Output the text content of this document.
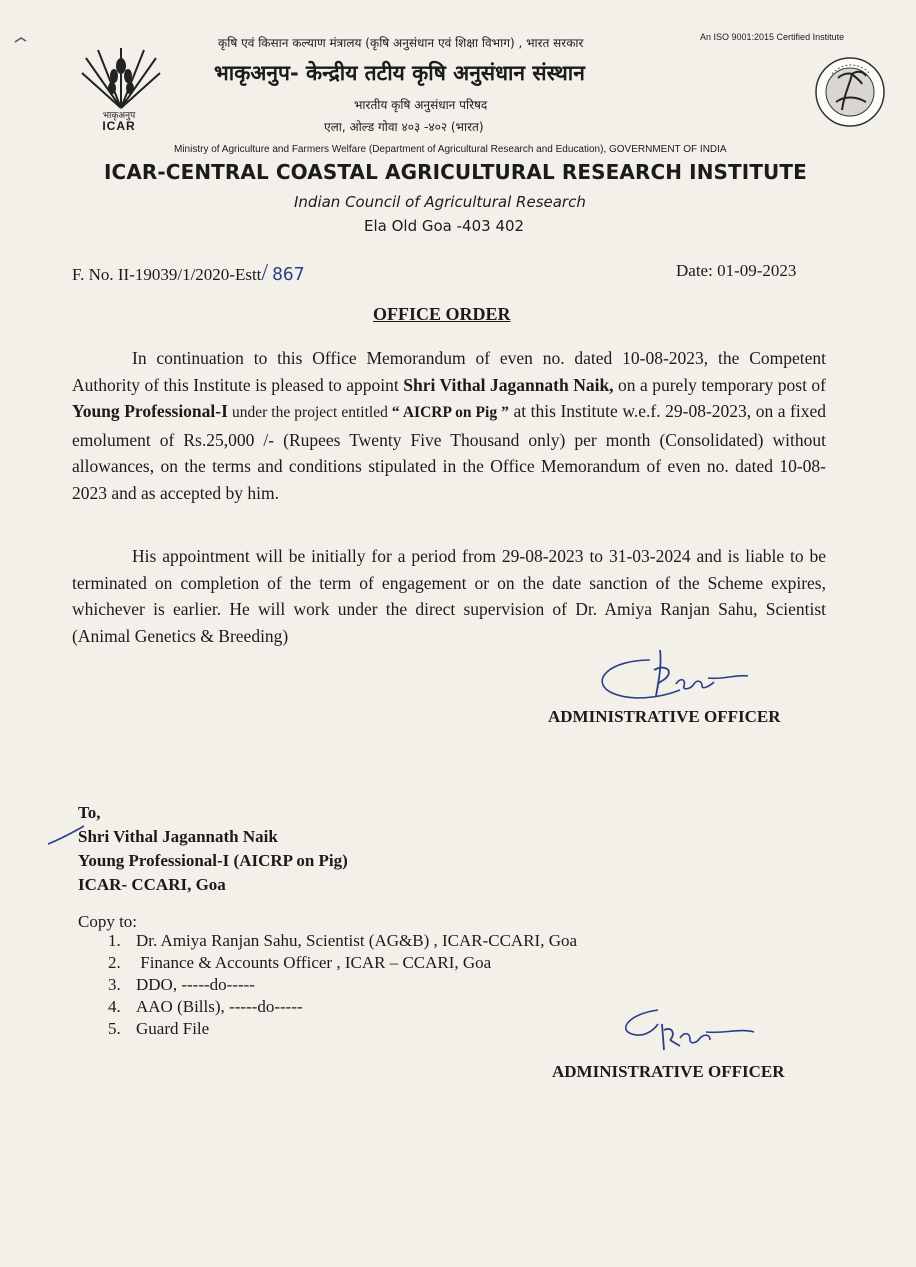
भाकृअनुप
ICAR
कृषि एवं किसान कल्याण मंत्रालय (कृषि अनुसंधान एवं शिक्षा विभाग) , भारत सरकार
भाकृअनुप- केन्द्रीय तटीय कृषि अनुसंधान संस्थान
भारतीय कृषि अनुसंधान परिषद
एला, ओल्ड गोवा ४०३ -४०२ (भारत)
An ISO 9001:2015 Certified Institute
Ministry of Agriculture and Farmers Welfare (Department of Agricultural Research and Education), GOVERNMENT OF INDIA
ICAR-CENTRAL COASTAL AGRICULTURAL RESEARCH INSTITUTE
Indian Council of Agricultural Research
Ela Old Goa -403 402
F. No. II-19039/1/2020-Estt/ 867	Date: 01-09-2023
OFFICE ORDER

In continuation to this Office Memorandum of even no. dated 10-08-2023, the Competent Authority of this Institute is pleased to appoint Shri Vithal Jagannath Naik, on a purely temporary post of Young Professional-I under the project entitled “ AICRP on Pig ” at this Institute w.e.f. 29-08-2023, on a fixed emolument of Rs.25,000 /- (Rupees Twenty Five Thousand only) per month (Consolidated) without allowances, on the terms and conditions stipulated in the Office Memorandum of even no. dated 10-08-2023 and as accepted by him.

His appointment will be initially for a period from 29-08-2023 to 31-03-2024 and is liable to be terminated on completion of the term of engagement or on the date sanction of the Scheme expires, whichever is earlier. He will work under the direct supervision of Dr. Amiya Ranjan Sahu, Scientist (Animal Genetics & Breeding)

ADMINISTRATIVE OFFICER
To,
Shri Vithal Jagannath Naik
Young Professional-I (AICRP on Pig)
ICAR- CCARI, Goa
Copy to:
1. Dr. Amiya Ranjan Sahu, Scientist (AG&B) , ICAR-CCARI, Goa
2. Finance & Accounts Officer , ICAR – CCARI, Goa
3. DDO, -----do-----
4. AAO (Bills), -----do-----
5. Guard File
ADMINISTRATIVE OFFICER
